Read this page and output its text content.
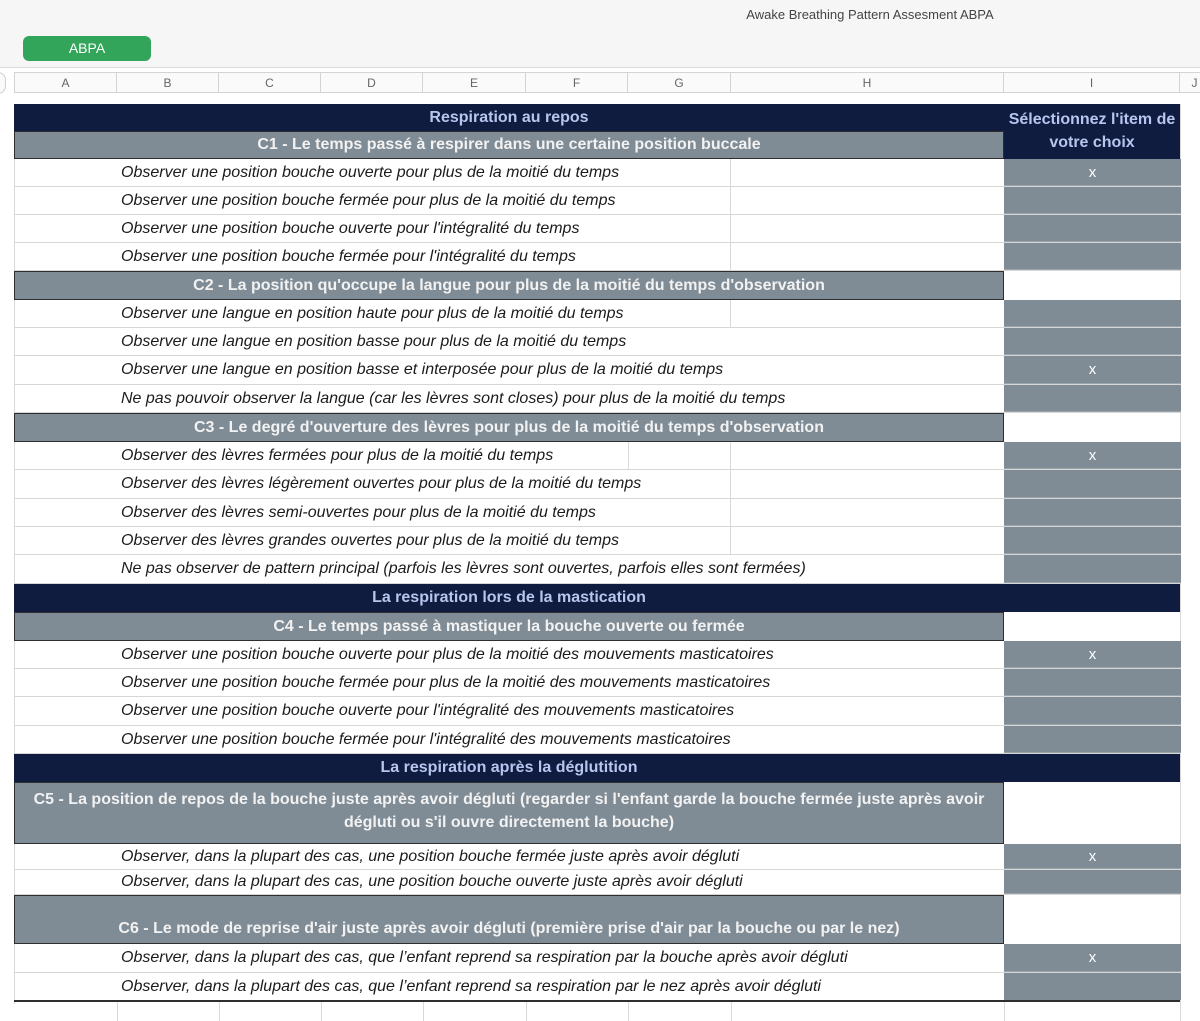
Awake Breathing Pattern Assesment ABPA
ABPA
A	B	C	D	E	F	G	H	I	J
Respiration au repos	Sélectionnez l'item de votre choix
C1 - Le temps passé à respirer dans une certaine position buccale
Observer une position bouche ouverte pour plus de la moitié du temps	x
Observer une position bouche fermée pour plus de la moitié du temps
Observer une position bouche ouverte pour l'intégralité du temps
Observer une position bouche fermée pour l'intégralité du temps
C2 - La position qu'occupe la langue pour plus de la moitié du temps d'observation
Observer une langue en position haute pour plus de la moitié du temps
Observer une langue en position basse pour plus de la moitié du temps
Observer une langue en position basse et interposée pour plus de la moitié du temps	x
Ne pas pouvoir observer la langue (car les lèvres sont closes) pour plus de la moitié du temps
C3 - Le degré d'ouverture des lèvres pour plus de la moitié du temps d'observation
Observer des lèvres fermées pour plus de la moitié du temps	x
Observer des lèvres légèrement ouvertes pour plus de la moitié du temps
Observer des lèvres semi-ouvertes pour plus de la moitié du temps
Observer des lèvres grandes ouvertes pour plus de la moitié du temps
Ne pas observer de pattern principal (parfois les lèvres sont ouvertes, parfois elles sont fermées)
La respiration lors de la mastication
C4 - Le temps passé à mastiquer la bouche ouverte ou fermée
Observer une position bouche ouverte pour plus de la moitié des mouvements masticatoires	x
Observer une position bouche fermée pour plus de la moitié des mouvements masticatoires
Observer une position bouche ouverte pour l'intégralité des mouvements masticatoires
Observer une position bouche fermée pour l'intégralité des mouvements masticatoires
La respiration après la déglutition
C5 - La position de repos de la bouche juste après avoir dégluti (regarder si l'enfant garde la bouche fermée juste après avoir dégluti ou s'il ouvre directement la bouche)
Observer, dans la plupart des cas, une position bouche fermée juste après avoir dégluti	x
Observer, dans la plupart des cas, une position bouche ouverte juste après avoir dégluti
C6 - Le mode de reprise d'air juste après avoir dégluti (première prise d'air par la bouche ou par le nez)
Observer, dans la plupart des cas, que l’enfant reprend sa respiration par la bouche après avoir dégluti	x
Observer, dans la plupart des cas, que l’enfant reprend sa respiration par le nez après avoir dégluti
